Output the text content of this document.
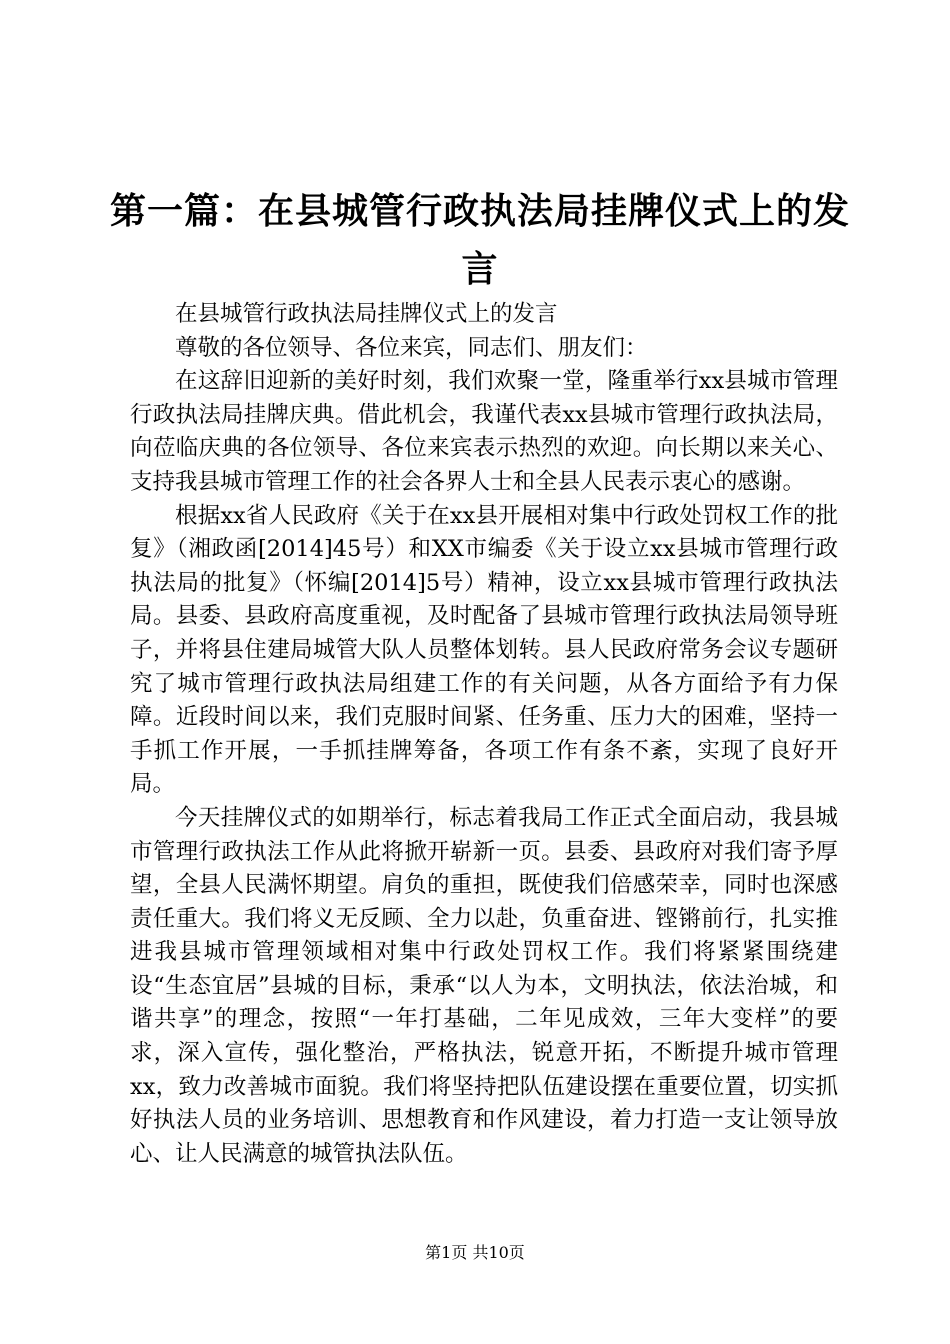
第一篇：在县城管行政执法局挂牌仪式上的发言

在县城管行政执法局挂牌仪式上的发言

尊敬的各位领导、各位来宾，同志们、朋友们：

在这辞旧迎新的美好时刻，我们欢聚一堂，隆重举行xx县城市管理行政执法局挂牌庆典。借此机会，我谨代表xx县城市管理行政执法局，向莅临庆典的各位领导、各位来宾表示热烈的欢迎。向长期以来关心、支持我县城市管理工作的社会各界人士和全县人民表示衷心的感谢。

根据xx省人民政府《关于在xx县开展相对集中行政处罚权工作的批复》（湘政函[2014]45号）和XX市编委《关于设立xx县城市管理行政执法局的批复》（怀编[2014]5号）精神，设立xx县城市管理行政执法局。县委、县政府高度重视，及时配备了县城市管理行政执法局领导班子，并将县住建局城管大队人员整体划转。县人民政府常务会议专题研究了城市管理行政执法局组建工作的有关问题，从各方面给予有力保障。近段时间以来，我们克服时间紧、任务重、压力大的困难，坚持一手抓工作开展，一手抓挂牌筹备，各项工作有条不紊，实现了良好开局。

今天挂牌仪式的如期举行，标志着我局工作正式全面启动，我县城市管理行政执法工作从此将掀开崭新一页。县委、县政府对我们寄予厚望，全县人民满怀期望。肩负的重担，既使我们倍感荣幸，同时也深感责任重大。我们将义无反顾、全力以赴，负重奋进、铿锵前行，扎实推进我县城市管理领域相对集中行政处罚权工作。我们将紧紧围绕建设“生态宜居”县城的目标，秉承“以人为本，文明执法，依法治城，和谐共享”的理念，按照“一年打基础，二年见成效，三年大变样”的要求，深入宣传，强化整治，严格执法，锐意开拓，不断提升城市管理xx，致力改善城市面貌。我们将坚持把队伍建设摆在重要位置，切实抓好执法人员的业务培训、思想教育和作风建设，着力打造一支让领导放心、让人民满意的城管执法队伍。

第1页 共10页
